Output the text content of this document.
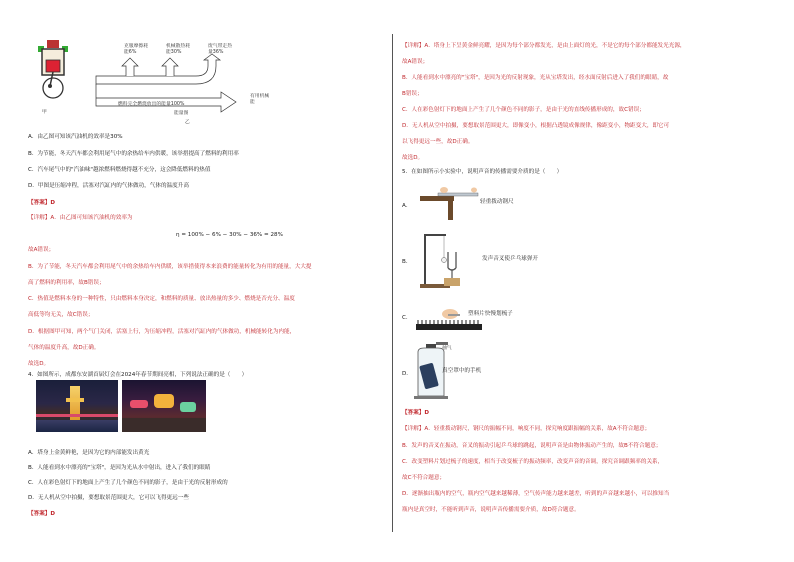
甲
克服摩擦耗能6%
机械散热耗能30%
废气带走热量36%
燃料完全燃烧放出的能量100%
有用机械能
能量图
乙
A．由乙图可知该汽油机的效率是30%
B．为节能，冬天汽车都会利用尾气中的余热给车内供暖，该举措提高了燃料的利用率
C．汽车尾气中的"汽油味"越浓燃料燃烧得越不充分，这会降低燃料的热值
D．甲图是压缩冲程，活塞对汽缸内的气体做功，气体的温度升高
【答案】D
【详解】A．由乙图可知该汽油机的效率为
η = 100% − 6% − 30% − 36% = 28%
故A错误；
B．为了节能，冬天汽车都会利用尾气中的余热给车内供暖，该举措使得本来浪费的能量转化为有用的能量，大大提
高了燃料的利用率，故B错误；
C．热值是燃料本身的一种特性，只由燃料本身决定，和燃料的质量、放出热量的多少、燃烧是否充分、温度
高低等均无关，故C错误；
D．根据图甲可知，两个气门关闭，活塞上行，为压缩冲程，活塞对汽缸内的气体做功，机械能转化为内能，
气体的温度升高，故D正确。
故选D。
4．如图所示，成都东安湖首届灯会在2024年春节期间亮相，下列说法正确的是（　　）
A．塔身上金黄鲜艳，是因为它的内部能发出黄光
B．人能看到水中漂亮的"宝塔"，是因为光从水中射出，进入了我们的眼睛
C．人在彩色射灯下的地面上产生了几个颜色不同的影子，是由于光的反射形成的
D．无人机从空中拍摄，要想取景范围更大，它可以飞得更远一些
【答案】D
【详解】A．塔身上下呈黄金鲜亮耀，是因为每个部分都发光，是由上面灯的光，不是它的每个部分都能发光光源，
故A错误；
B．人能看到水中漂亮的"宝塔"，是因为光的反射现象，光从宝塔发出，经水面反射后进入了我们的眼睛，故
B错误；
C．人在彩色射灯下的地面上产生了几个颜色不同的影子，是由于光的直线传播形成的，故C错误；
D．无人机从空中拍摄，要想取景范围更大，即像变小，根据凸透镜成像规律，像距变小，物距变大，即它可
以飞得更远一些，故D正确。
故选D。
5．在如图所示小实验中，说明声音的传播需要介质的是（　　）
A．
轻重拨动钢尺
B．	发声音叉使乒乓球弹开
C．
塑料片快慢划梳子
D．
抽气
真空罩中的手机
【答案】D
【详解】A．轻重拨动钢尺，钢尺的振幅不同，响度不同，探究响度跟振幅的关系，故A不符合题意；
B．发声的音叉在振动，音叉的振动引起乒乓球的跳起，说明声音是由物体振动产生的，故B不符合题意；
C．改变塑料片划过梳子的速度，相当于改变梳子的振动频率，改变声音的音调，探究音调跟频率的关系，
故C不符合题意；
D．逐渐抽出瓶内的空气，瓶内空气越来越稀薄，空气传声能力越来越差，听到的声音越来越小，可以推知当
瓶内是真空时，不能听到声音，说明声音传播需要介质，故D符合题意。
